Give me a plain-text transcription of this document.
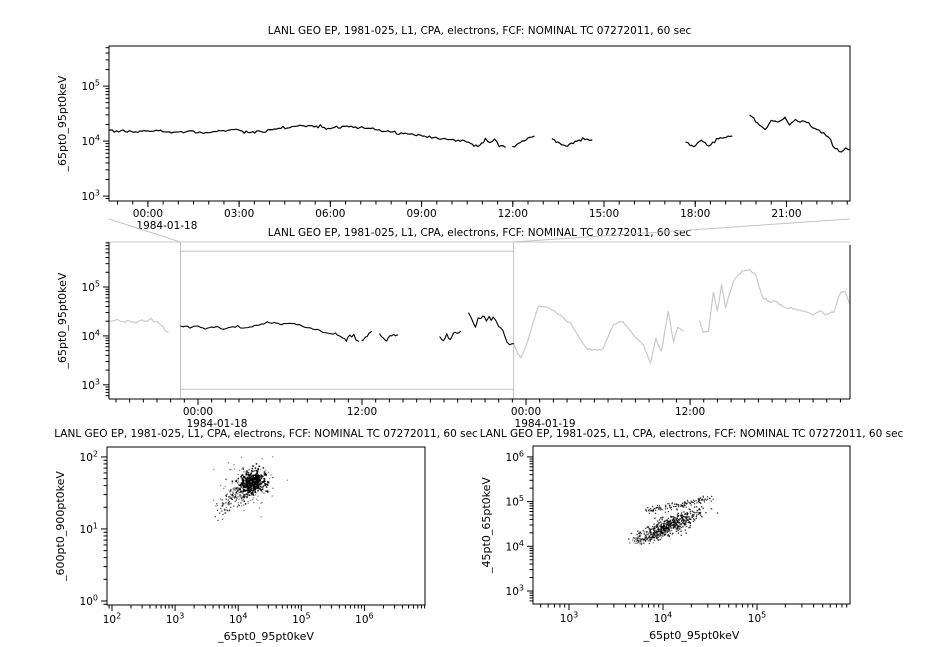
$10^3$
$10^4$
$10^5$
00:00
1984-01-18
03:00	06:00	09:00	12:00	15:00	18:00	21:00
LANL GEO EP, 1981-025, L1, CPA, electrons, FCF: NOMINAL TC 07272011, 60 sec
_65pt0_95pt0keV
$10^3$
$10^4$
$10^5$
00:00
1984-01-18
12:00	00:00
1984-01-19
12:00
LANL GEO EP, 1981-025, L1, CPA, electrons, FCF: NOMINAL TC 07272011, 60 sec
_65pt0_95pt0keV
$10^0$
$10^1$
$10^2$
$10^2$	$10^3$	$10^4$	$10^5$	$10^6$
LANL GEO EP, 1981-025, L1, CPA, electrons, FCF: NOMINAL TC 07272011, 60 sec
_65pt0_95pt0keV
_600pt0_900pt0keV
$10^3$
$10^4$
$10^5$
$10^6$
$10^3$	$10^4$	$10^5$
LANL GEO EP, 1981-025, L1, CPA, electrons, FCF: NOMINAL TC 07272011, 60 sec
_65pt0_95pt0keV
_45pt0_65pt0keV
